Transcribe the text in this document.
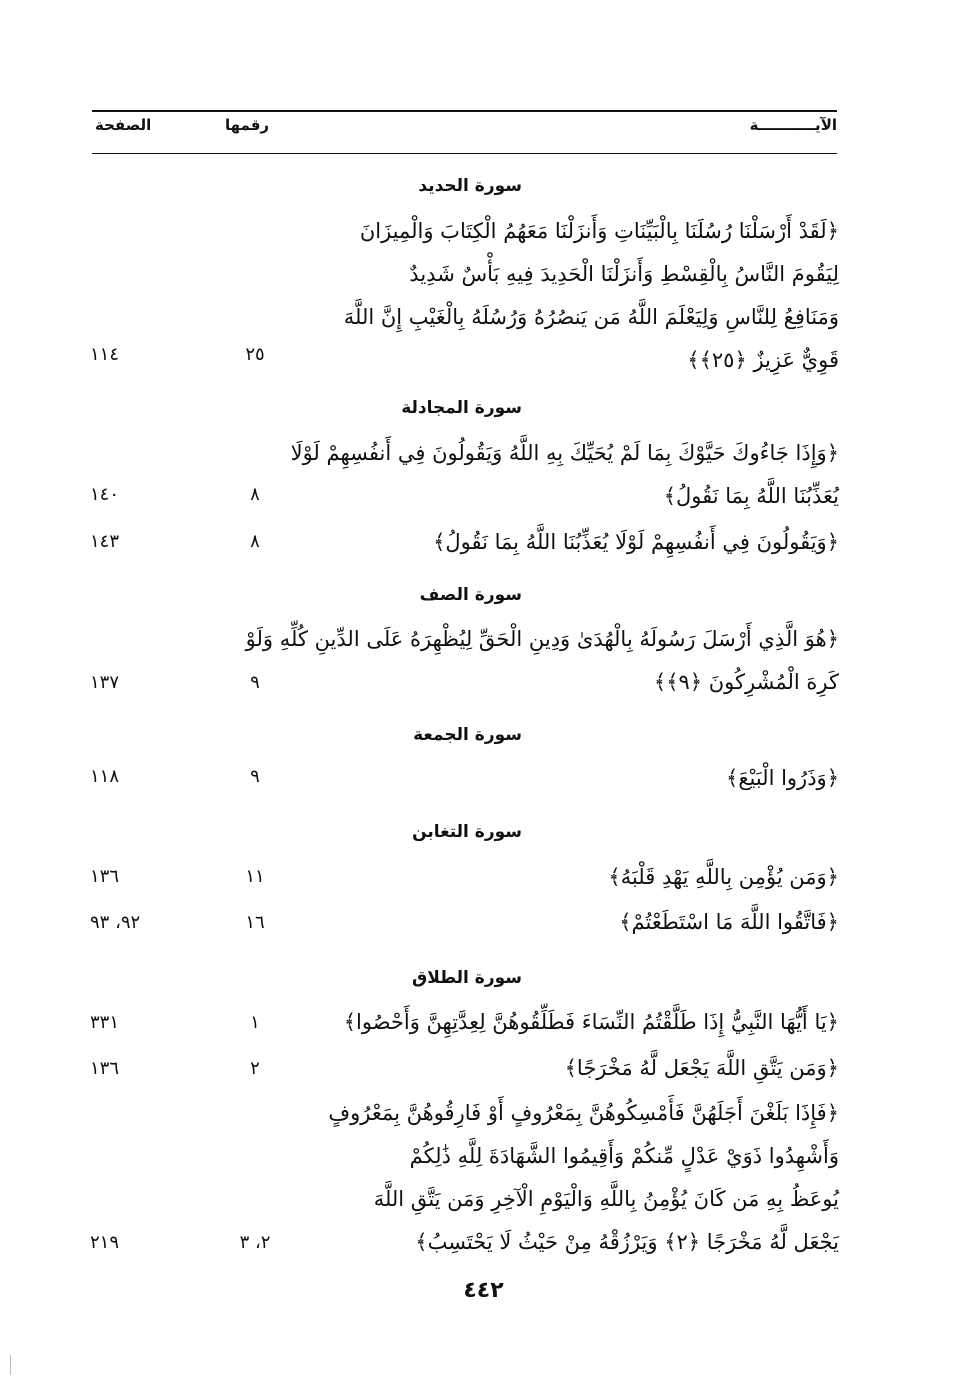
الآيـــــــــــة
رقمها
الصفحة
سورة الحديد
﴿لَقَدْ أَرْسَلْنَا رُسُلَنَا بِالْبَيِّنَاتِ وَأَنزَلْنَا مَعَهُمُ الْكِتَابَ وَالْمِيزَانَ
لِيَقُومَ النَّاسُ بِالْقِسْطِ وَأَنزَلْنَا الْحَدِيدَ فِيهِ بَأْسٌ شَدِيدٌ
وَمَنَافِعُ لِلنَّاسِ وَلِيَعْلَمَ اللَّهُ مَن يَنصُرُهُ وَرُسُلَهُ بِالْغَيْبِ إِنَّ اللَّهَ
قَوِيٌّ عَزِيزٌ ﴿٢٥﴾﴾
٢٥
١١٤
سورة المجادلة
﴿وَإِذَا جَاءُوكَ حَيَّوْكَ بِمَا لَمْ يُحَيِّكَ بِهِ اللَّهُ وَيَقُولُونَ فِي أَنفُسِهِمْ لَوْلَا
يُعَذِّبُنَا اللَّهُ بِمَا نَقُولُ﴾
٨
١٤٠
﴿وَيَقُولُونَ فِي أَنفُسِهِمْ لَوْلَا يُعَذِّبُنَا اللَّهُ بِمَا نَقُولُ﴾
٨
١٤٣
سورة الصف
﴿هُوَ الَّذِي أَرْسَلَ رَسُولَهُ بِالْهُدَىٰ وَدِينِ الْحَقِّ لِيُظْهِرَهُ عَلَى الدِّينِ كُلِّهِ وَلَوْ
كَرِهَ الْمُشْرِكُونَ ﴿٩﴾﴾
٩
١٣٧
سورة الجمعة
﴿وَذَرُوا الْبَيْعَ﴾
٩
١١٨
سورة التغابن
﴿وَمَن يُؤْمِن بِاللَّهِ يَهْدِ قَلْبَهُ﴾
١١
١٣٦
﴿فَاتَّقُوا اللَّهَ مَا اسْتَطَعْتُمْ﴾
١٦
٩٢، ٩٣
سورة الطلاق
﴿يَا أَيُّهَا النَّبِيُّ إِذَا طَلَّقْتُمُ النِّسَاءَ فَطَلِّقُوهُنَّ لِعِدَّتِهِنَّ وَأَحْصُوا﴾
١
٣٣١
﴿وَمَن يَتَّقِ اللَّهَ يَجْعَل لَّهُ مَخْرَجًا﴾
٢
١٣٦
﴿فَإِذَا بَلَغْنَ أَجَلَهُنَّ فَأَمْسِكُوهُنَّ بِمَعْرُوفٍ أَوْ فَارِقُوهُنَّ بِمَعْرُوفٍ
وَأَشْهِدُوا ذَوَيْ عَدْلٍ مِّنكُمْ وَأَقِيمُوا الشَّهَادَةَ لِلَّهِ ذَٰلِكُمْ
يُوعَظُ بِهِ مَن كَانَ يُؤْمِنُ بِاللَّهِ وَالْيَوْمِ الْآخِرِ وَمَن يَتَّقِ اللَّهَ
يَجْعَل لَّهُ مَخْرَجًا ﴿٢﴾ وَيَرْزُقْهُ مِنْ حَيْثُ لَا يَحْتَسِبُ﴾
٢، ٣
٢١٩
٤٤٢
